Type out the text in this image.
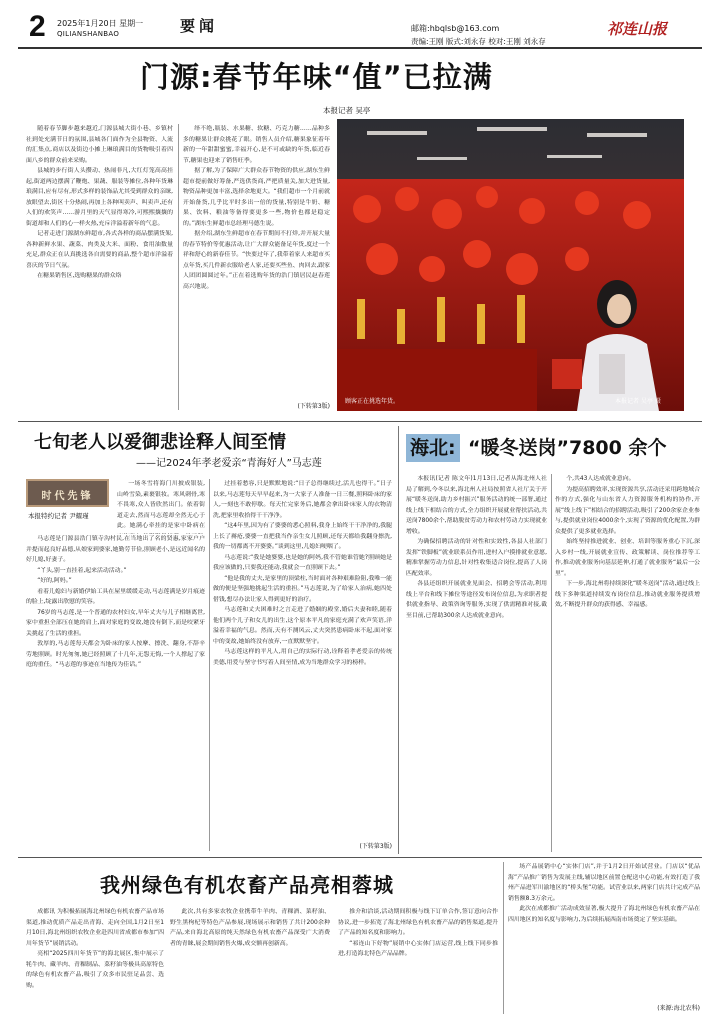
2 2025年1月20日 星期一
QILIANSHANBAO	要闻	邮箱:hbqlsb@163.com
责编:王刚 版式:刘永存 校对:王刚 刘永存
祁连山报
门源:春节年味“值”已拉满
本报记者 吴亭

随着春节脚步越来越近,门源县城大街小巷、乡镇村社到处充满节日的氛围,县城各门面作为全县物资、人流的汇集点,商店以及街边小摊上琳琅满目的货物吸引着四面八乡的群众前来采购。

县城的步行街人头攒动、热闹非凡,大红灯笼高高挂起,街道两边摆满了鞭炮、果蔬、服装等摊位,各种年货琳琅满目,应有尽有,形式多样的装饰品尤其受到群众的亲睐,放眼望去,街区十分热闹,再加上各种叫卖声、叫卖声,还有人们的欢笑声……游月里的天气显得寒冷,可熙熙攘攘的街道却和人们的心一样火热,充斥洋溢着新年的气息。

记者走进门源湖东鲜超市,各式各样的商品摆满货架,各种新鲜水果、蔬菜、肉类及大米、面粉、食用油数量充足,群众正在认真挑选各自需要的商品,整个超市洋溢着喜庆的节日气氛。

在糖果销售区,选购糖果的群众络

绎不绝,瓶装、水果糖、软糖、巧克力糖……品种多多的糖果让群众挑花了眼。销售人员介绍,糖果象征着年新的一年甜甜蜜蜜,幸福开心,是不可或缺的年货,临近春节,糖果也迎来了销售旺季。

据了解,为了保障广大群众春节物资的供应,湖东生鲜超市提前做好筹备,严选供货商,严把质量关,加大进货量,物资品种更加丰富,选择余地更大。“我们超市一个月前就开始备货,几乎比平时多出一倍的货量,特别是牛奶、糖果、饮料、粮油等备得要更多一些,物价也都是稳定的。”湖东生鲜超市总经理马德生说。

据介绍,湖东生鲜超市在春节期间不打烊,并开展大量的春节特价等优惠活动,让广大群众能备足年货,度过一个祥和舒心的新春佳节。“快要过年了,我带着家人来超市买点年货,买几件新衣服给老人家,还要买些鱼、肉回去,跟家人团团圆圆过年。”正在着选购年货的浩门镇居民赵春莲高兴地说。

(下转第3版)
顾客正在挑选年货。	本报记者 吴亭 摄
七旬老人以爱御悲诠释人间至情
——记2024年孝老爱亲“青海好人”马志莲
时代先锋
本报特约记者 尹耀瑾

一场冬雪将海门川披成银装,山岭雪染,素裹银妆。寒风刺骨,寒不畏寒,众人皆欣然出门。依着街道走去,然而马志莲却全然无心于此。她满心牵挂的是家中卧病在

马志莲是门源县浩门镇寺沟村民,在当地出了名的贤惠,家家户户并提而起良好品德,从娘家到婆家,她勤劳节俭,照顾老小,是远近闻名的好儿媳,好妻子。

“丫头,别一直挂着,起来活动活动。”

“好的,阿妈。”

看着儿媳妇与新婚伊始工具在屋里缓缓走动,马志莲满是岁月痕迹的脸上,绽露出欣慰的笑容。

76岁的马志莲,是一个普通的农村妇女,早年丈夫与儿子相继离世,家中重担全部压在她的肩上,面对家庭的变故,她没有倒下,而是咬紧牙关挑起了生活的重担。

敦厚的,马志莲每天都会为卧床的家人按摩、擦洗、翻身,不辞辛劳地照顾。时光匆匆,她已经照顾了十几年,无怨无悔,一个人撑起了家庭的重任。“马志莲的事迹在当地传为佳话。”

过挂着愁容,只是默默地说:“日子总得继续过,活儿也得干。”日子以来,马志莲每天早早起来,为一大家子人准备一日三餐,照料卧床的家人,一刻也不敢停歇。每天忙完家务后,她都会拿出卧床家人的衣物清洗,把家里收拾得干干净净。

“这4年里,因为有了婆婆的悉心照料,我身上始终干干净净的,我腿上长了褥疮,婆婆一直把我当作亲生女儿照顾,还每天都给我翻身擦洗,我的一切都离不开婆婆。”谈到这里,儿媳妇哽咽了。

马志莲说:“我是她婆婆,也是她的阿妈,我不管她谁管她?照顾她是我应该做的,只要我还能动,我就会一直照顾下去。”

“他是我的丈夫,是家里的顶梁柱,当时面对各种艰难险阻,我唯一能做的便是坚强地挑起生活的重担。”马志莲说,为了给家人治病,她四处借钱,想尽办法让家人得到更好的治疗。

马志莲和丈夫困难时之言走进了婚姻的殿堂,婚后夫妻和睦,随着他们两个儿子和女儿的出生,这个原本平凡的家庭充满了欢声笑语,洋溢着幸福的气息。然而,天有不测风云,丈夫突然患病卧床不起,面对家中的变故,她始终没有放弃,一直默默坚守。

马志莲这样的平凡人,用自己的实际行动,诠释着孝老爱亲的传统美德,用爱与坚守书写着人间至情,成为当地群众学习的榜样。

(下转第3版)
海北: “暖冬送岗”7800 余个

本报讯(记者 陈文年)1月13日,记者从海北州人社局了解到,今冬以来,海北州人社局按照省人社厅关于开展“暖冬送岗,助力乡村振兴”服务活动的统一部署,通过线上线下相结合的方式,全力组织开展就业帮扶活动,共送岗7800余个,帮助脱贫劳动力和农村劳动力实现就业增收。

为确保招聘活动的针对性和实效性,各县人社部门发挥“铁脚板”就业联系员作用,进村入户摸排就业意愿,精准掌握劳动力信息,针对性收集适合岗位,提高了人岗匹配效率。

各县还组织开展就业见面会、招聘会等活动,利用线上平台和线下摊位等途径发布岗位信息,为求职者提供就业指导、政策咨询等服务,实现了供需精准对接,截至目前,已帮助300余人达成就业意向。

个,共43人达成就业意向。

为提高招聘效率,实现资源共享,活动还采用跨地域合作的方式,强化与山东省人力资源服务机构的协作,开展“线上线下”相结合的招聘活动,吸引了200余家企业参与,提供就业岗位4000余个,实现了资源的优化配置,为群众提供了更多就业选择。

始终坚持推进就业、创业、培训等服务重心下沉,深入乡村一线,开展就业宣传、政策解读、岗位推荐等工作,推动就业服务向基层延伸,打通了就业服务“最后一公里”。

下一步,海北州将持续深化“暖冬送岗”活动,通过线上线下多种渠道持续发布岗位信息,推动就业服务提质增效,不断提升群众的获得感、幸福感。

我州绿色有机农畜产品亮相蓉城

成都讯 为积极拓展海北州绿色有机农畜产品市场渠道,推动优质产品走出青海、走向全国,1月2日至1月10日,海北州组织农牧企业赴四川省成都市参加“四川年货节”展销活动。

亮相“2025四川年货节”的海北展区,集中展示了牦牛肉、藏羊肉、青稞制品、菜籽油等极具高原特色的绿色有机农畜产品,吸引了众多市民驻足品尝、选购。

此次,共有多家农牧企业携带牛羊肉、青稞酒、菜籽油、野生黑枸杞等特色产品参展,现场展示和销售了共计200余种产品,来自海北高原的纯天然绿色有机农畜产品深受广大消费者的青睐,展会期间销售火爆,成交额再创新高。

推介和洽谈,活动期间积极与线下订单合作,签订意向合作协议,进一步拓宽了海北州绿色有机农畜产品的销售渠道,提升了产品的知名度和影响力。

“祁连山下好物”展销中心实体门店运营,线上线下同步推进,打造海北特色产品品牌。

场产品展销中心“实体门店”,并于1月2日开始试营业。门店以“优品海”产品推广销售为发展主线,辅以地区前置仓配送中心功能,有效打造了我州产品进军川渝地区的“桥头堡”功能。试营业以来,两家门店共计完成产品销售额8.3万余元。

此次在成都推广活动成效显著,极大提升了海北州绿色有机农畜产品在四川地区的知名度与影响力,为后续拓展西南市场奠定了坚实基础。

(来源:海北农科)
